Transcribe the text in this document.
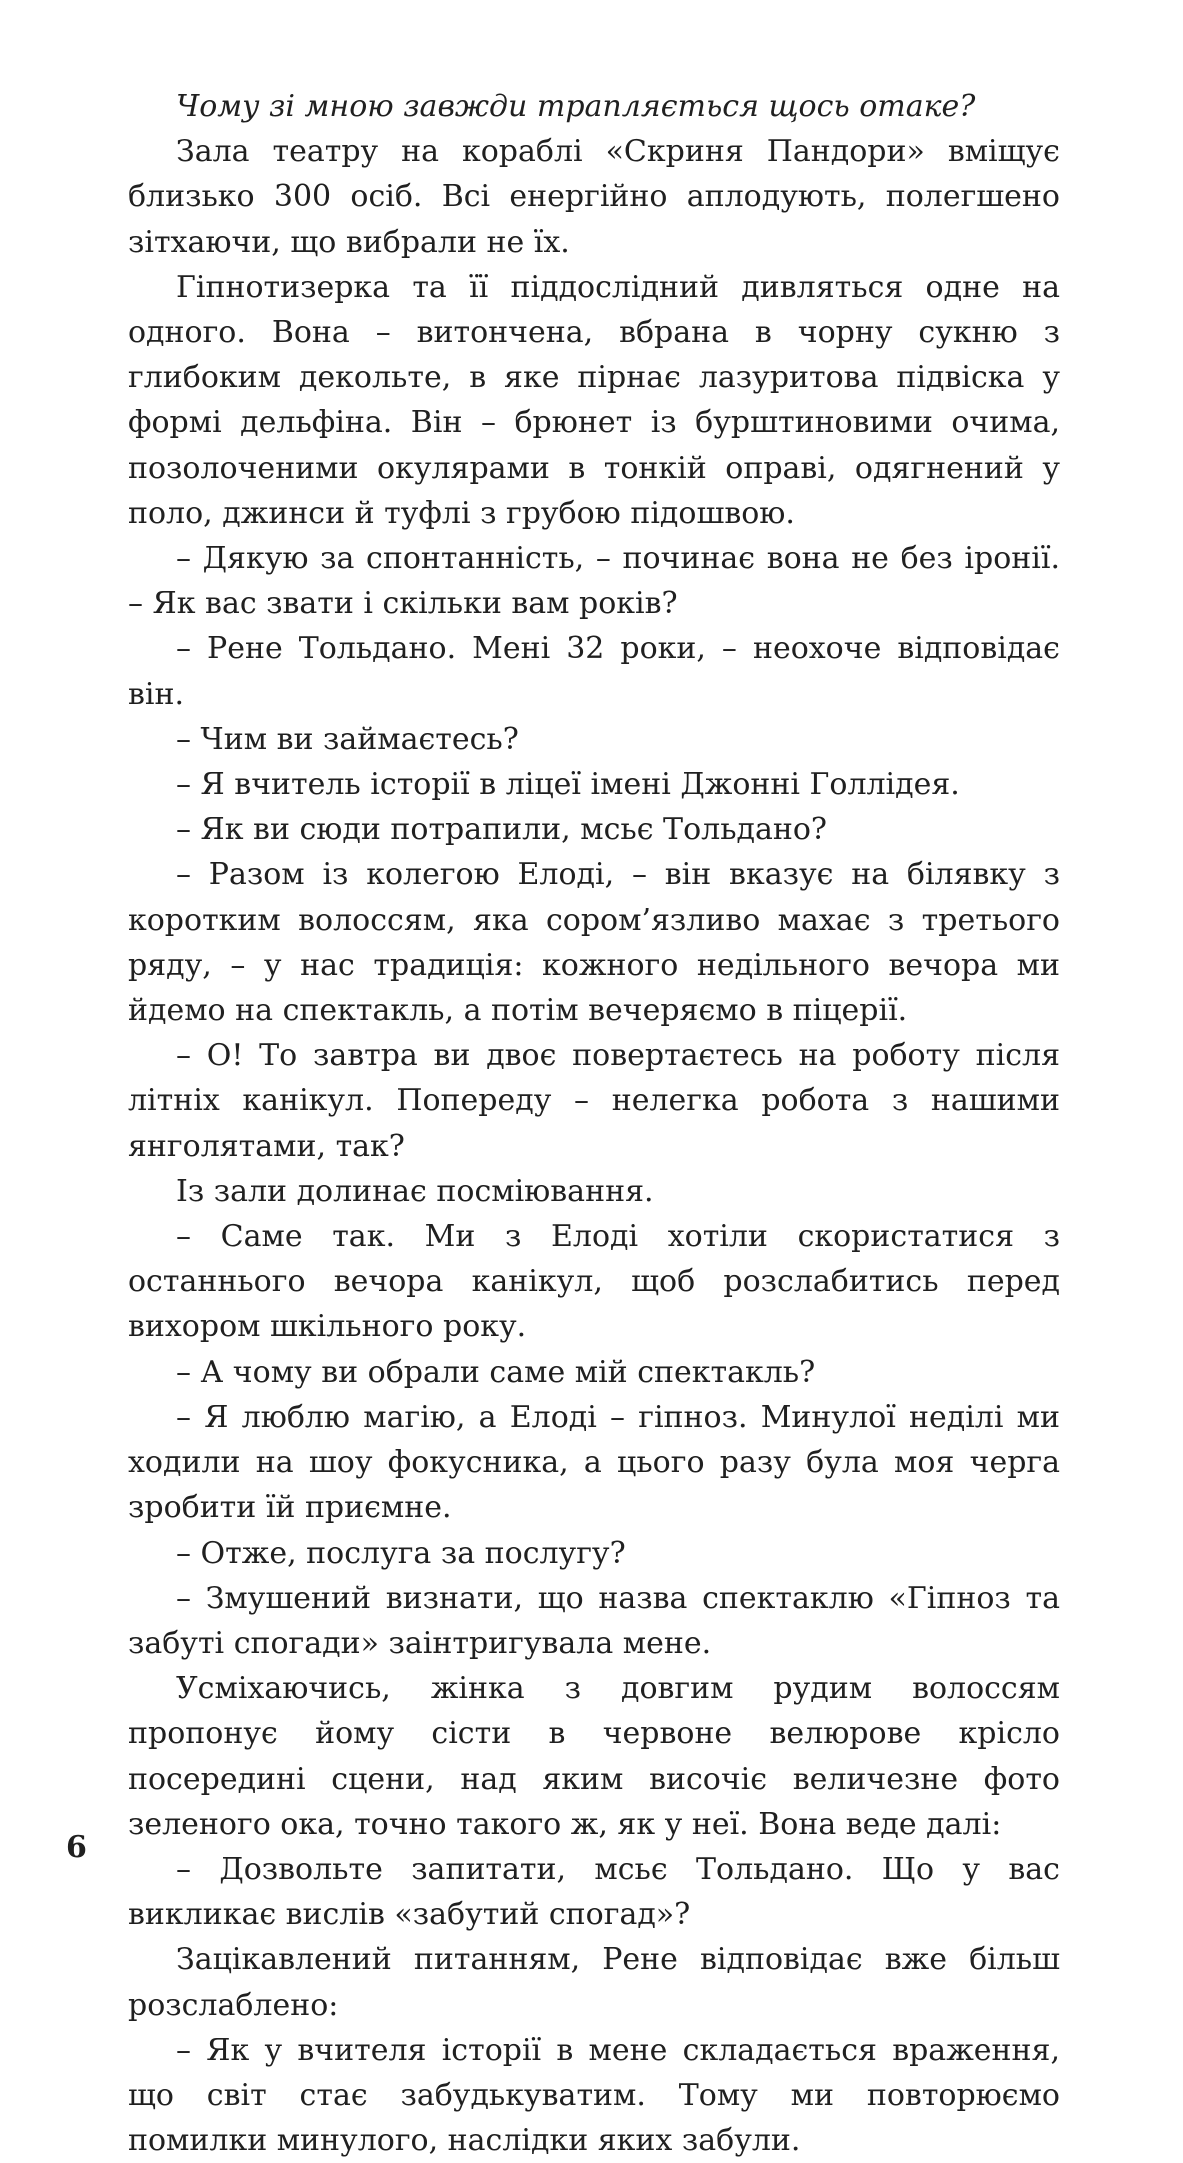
Чому зі мною завжди трапляється щось отаке?

Зала театру на кораблі «Скриня Пандори» вміщує близько 300 осіб. Всі енергійно аплодують, полегшено зітхаючи, що вибрали не їх.

Гіпнотизерка та її піддослідний дивляться одне на одного. Вона – витончена, вбрана в чорну сукню з глибоким декольте, в яке пірнає лазуритова підвіска у формі дельфіна. Він – брюнет із бурштиновими очима, позолоченими окулярами в тонкій оправі, одягнений у поло, джинси й туфлі з грубою підошвою.

– Дякую за спонтанність, – починає вона не без іронії. – Як вас звати і скільки вам років?

– Рене Тольдано. Мені 32 роки, – неохоче відповідає він.

– Чим ви займаєтесь?

– Я вчитель історії в ліцеї імені Джонні Голлідея.

– Як ви сюди потрапили, мсьє Тольдано?

– Разом із колегою Елоді, – він вказує на білявку з коротким волоссям, яка сором’язливо махає з третього ряду, – у нас традиція: кожного недільного вечора ми йдемо на спектакль, а потім вечеряємо в піцерії.

– О! То завтра ви двоє повертаєтесь на роботу після літніх канікул. Попереду – нелегка робота з нашими янголятами, так?

Із зали долинає посміювання.

– Саме так. Ми з Елоді хотіли скористатися з останнього вечора канікул, щоб розслабитись перед вихором шкільного року.

– А чому ви обрали саме мій спектакль?

– Я люблю магію, а Елоді – гіпноз. Минулої неділі ми ходили на шоу фокусника, а цього разу була моя черга зробити їй приємне.

– Отже, послуга за послугу?

– Змушений визнати, що назва спектаклю «Гіпноз та забуті спогади» заінтригувала мене.

Усміхаючись, жінка з довгим рудим волоссям пропонує йому сісти в червоне велюрове крісло посередині сцени, над яким височіє величезне фото зеленого ока, точно такого ж, як у неї. Вона веде далі:

– Дозвольте запитати, мсьє Тольдано. Що у вас викликає вислів «забутий спогад»?

Зацікавлений питанням, Рене відповідає вже більш розслаблено:

– Як у вчителя історії в мене складається враження, що світ стає забудькуватим. Тому ми повторюємо помилки минулого, наслідки яких забули.

6
